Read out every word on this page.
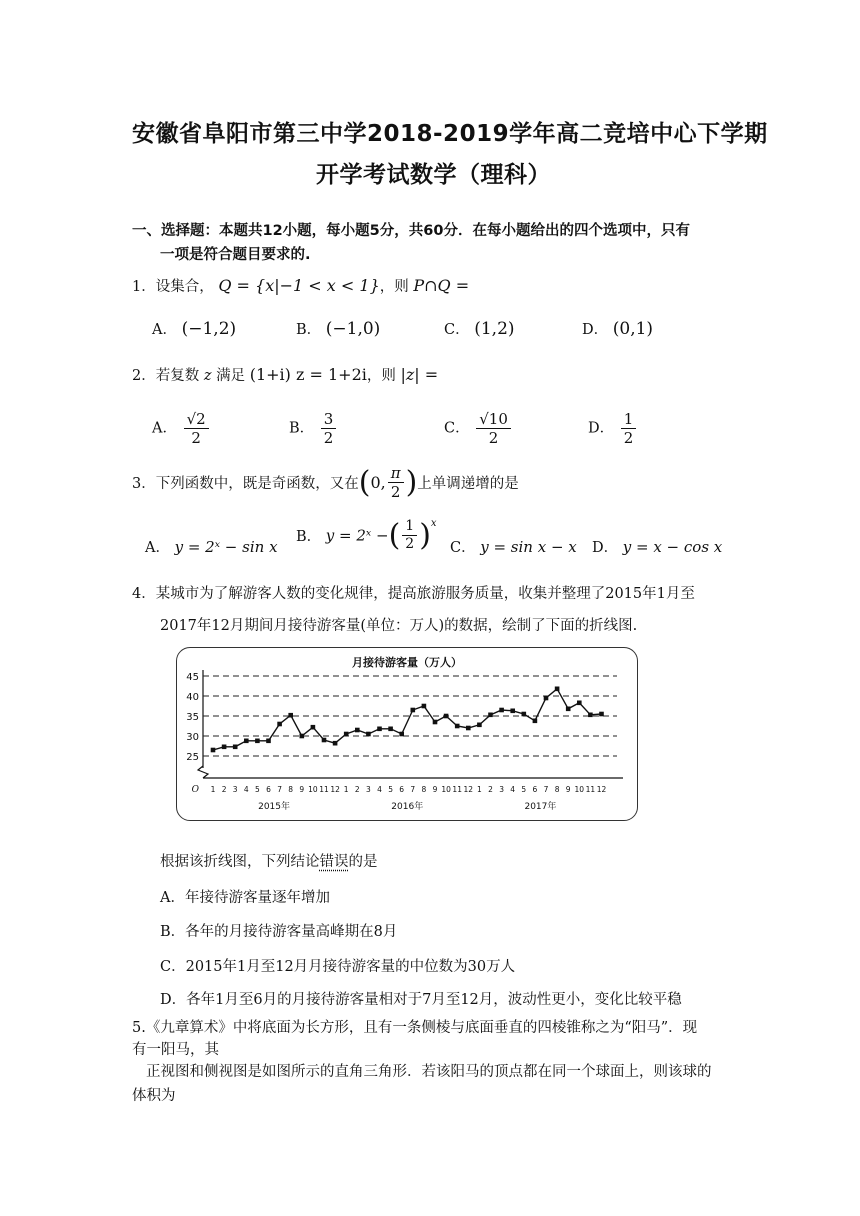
安徽省阜阳市第三中学2018-2019学年高二竞培中心下学期
开学考试数学（理科）
一、选择题：本题共12小题，每小题5分，共60分．在每小题给出的四个选项中，只有
一项是符合题目要求的.
1．设集合， Q = {x|−1 < x < 1}，则 P∩Q =
A． (−1,2)	B． (−1,0)	C． (1,2)	D． (0,1)
2．若复数 z 满足 (1+i) z = 1+2i，则 |z| =
A． $\frac{√2}{2}$	B． $\frac{3}{2}$	C． $\frac{√10}{2}$	D． $\frac{1}{2}$
3．下列函数中，既是奇函数，又在(0, $\frac{\pi}{2}$ )上单调递增的是
A． y = 2ˣ − sin x
B． y = 2ˣ −( $\frac{1}{2} )^x$
C． y = sin x − x D． y = x − cos x
4．某城市为了解游客人数的变化规律，提高旅游服务质量，收集并整理了2015年1月至
2017年12月期间月接待游客量(单位：万人)的数据，绘制了下面的折线图.
月接待游客量（万人）
45
40
35
30
25
O 1 2 3 4 5 6 7 8 9 10 11 12 1 2 3 4 5 6 7 8 9 10 11 12 1 2 3 4 5 6 7 8 9 10 11 12
2015年	2016年	2017年
根据该折线图，下列结论错误的是
A．年接待游客量逐年增加
B．各年的月接待游客量高峰期在8月
C．2015年1月至12月月接待游客量的中位数为30万人
D．各年1月至6月的月接待游客量相对于7月至12月，波动性更小，变化比较平稳
5.《九章算术》中将底面为长方形，且有一条侧棱与底面垂直的四棱锥称之为“阳马”．现
有一阳马，其
正视图和侧视图是如图所示的直角三角形．若该阳马的顶点都在同一个球面上，则该球的
体积为
